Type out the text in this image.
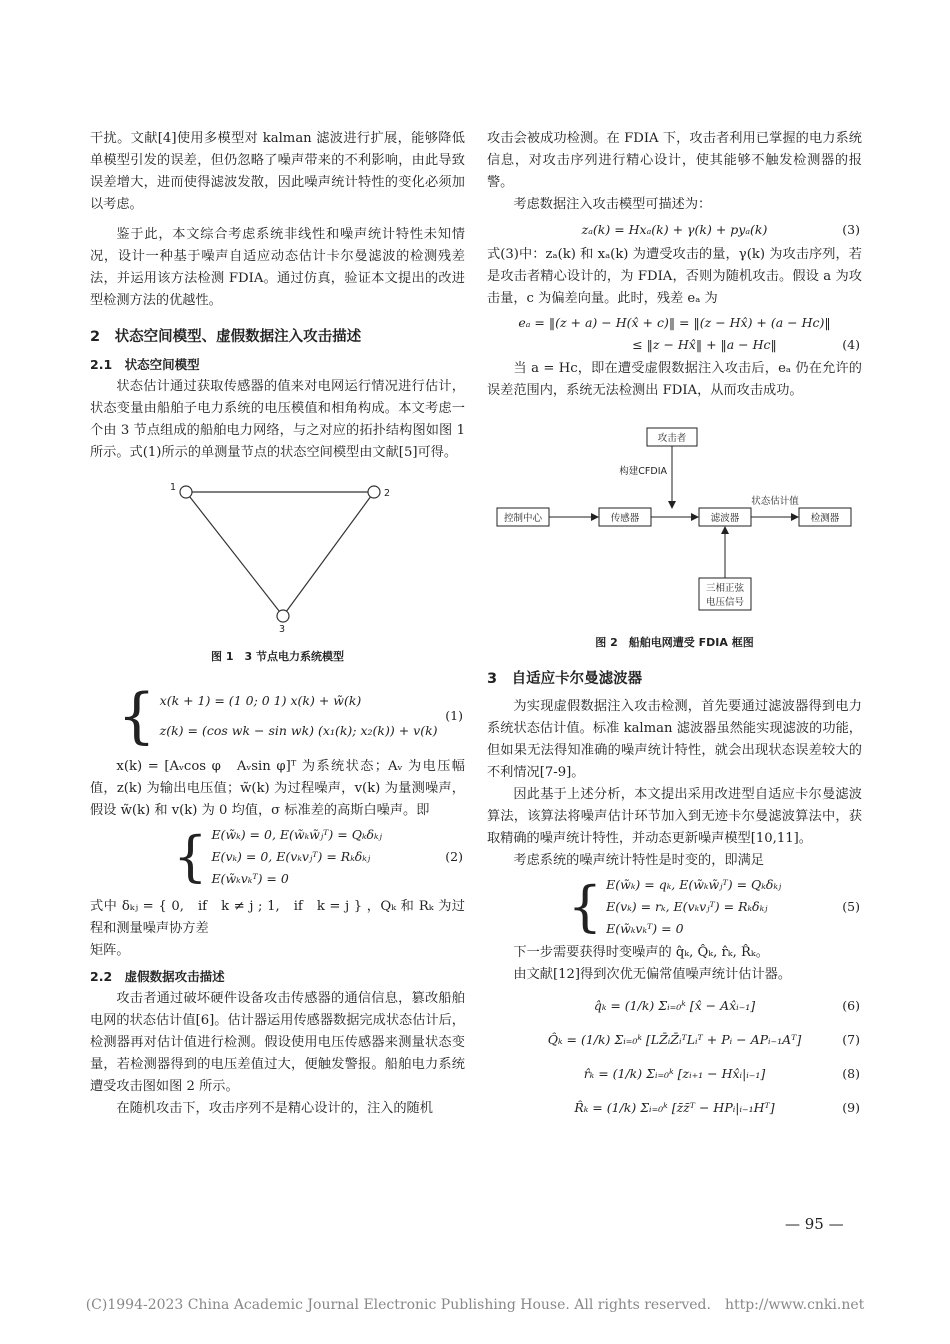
干扰。文献[4]使用多模型对 kalman 滤波进行扩展，能够降低单模型引发的误差，但仍忽略了噪声带来的不利影响，由此导致误差增大，进而使得滤波发散，因此噪声统计特性的变化必须加以考虑。

鉴于此，本文综合考虑系统非线性和噪声统计特性未知情况，设计一种基于噪声自适应动态估计卡尔曼滤波的检测残差法，并运用该方法检测 FDIA。通过仿真，验证本文提出的改进型检测方法的优越性。

2　状态空间模型、虚假数据注入攻击描述
2.1　状态空间模型

状态估计通过获取传感器的值来对电网运行情况进行估计，状态变量由船舶子电力系统的电压模值和相角构成。本文考虑一个由 3 节点组成的船舶电力网络，与之对应的拓扑结构图如图 1 所示。式(1)所示的单测量节点的状态空间模型由文献[5]可得。

1
2
3
图 1　3 节点电力系统模型
{ x(k + 1) = (1 0; 0 1) x(k) + w̃(k)
z(k) = (cos wk − sin wk) (x₁(k); x₂(k)) + v(k)
(1)

x(k) = [Aᵥcos φ　Aᵥsin φ]ᵀ 为系统状态；Aᵥ 为电压幅值，z(k) 为输出电压值；w̃(k) 为过程噪声，v(k) 为量测噪声，假设 w̃(k) 和 v(k) 为 0 均值，σ 标准差的高斯白噪声。即

{ E(w̃ₖ) = 0, E(w̃ₖw̃ⱼᵀ) = Qₖδₖⱼ
E(vₖ) = 0, E(vₖvⱼᵀ) = Rₖδₖⱼ
E(w̃ₖvₖᵀ) = 0
(2)

式中 δₖⱼ = { 0,　if　k ≠ j ; 1,　if　k = j } ，Qₖ 和 Rₖ 为过程和测量噪声协方差

矩阵。

2.2　虚假数据攻击描述

攻击者通过破坏硬件设备攻击传感器的通信信息，篡改船舶电网的状态估计值[6]。估计器运用传感器数据完成状态估计后，检测器再对估计值进行检测。假设使用电压传感器来测量状态变量，若检测器得到的电压差值过大，便触发警报。船舶电力系统遭受攻击图如图 2 所示。

在随机攻击下，攻击序列不是精心设计的，注入的随机

攻击会被成功检测。在 FDIA 下，攻击者利用已掌握的电力系统信息，对攻击序列进行精心设计，使其能够不触发检测器的报警。

考虑数据注入攻击模型可描述为：

zₐ(k) = Hxₐ(k) + γ(k) + pyₐ(k)	(3)

式(3)中：zₐ(k) 和 xₐ(k) 为遭受攻击的量，γ(k) 为攻击序列，若是攻击者精心设计的，为 FDIA，否则为随机攻击。假设 a 为攻击量，c 为偏差向量。此时，残差 eₐ 为

eₐ = ‖(z + a) − H(x̂ + c)‖ = ‖(z − Hx̂) + (a − Hc)‖
≤ ‖z − Hx̂‖ + ‖a − Hc‖	(4)

当 a = Hc，即在遭受虚假数据注入攻击后，eₐ 仍在允许的误差范围内，系统无法检测出 FDIA，从而攻击成功。

攻击者
构建CFDIA
控制中心	传感器	滤波器	检测器
状态估计值
三相正弦
电压信号
图 2　船舶电网遭受 FDIA 框图
3　自适应卡尔曼滤波器

为实现虚假数据注入攻击检测，首先要通过滤波器得到电力系统状态估计值。标准 kalman 滤波器虽然能实现滤波的功能，但如果无法得知准确的噪声统计特性，就会出现状态误差较大的不利情况[7-9]。

因此基于上述分析，本文提出采用改进型自适应卡尔曼滤波算法，该算法将噪声估计环节加入到无迹卡尔曼滤波算法中，获取精确的噪声统计特性，并动态更新噪声模型[10,11]。

考虑系统的噪声统计特性是时变的，即满足

{ E(w̃ₖ) = qₖ, E(w̃ₖw̃ⱼᵀ) = Qₖδₖⱼ
E(vₖ) = rₖ, E(vₖvⱼᵀ) = Rₖδₖⱼ
E(w̃ₖvₖᵀ) = 0
(5)

下一步需要获得时变噪声的 q̂ₖ, Q̂ₖ, r̂ₖ, R̂ₖ。

由文献[12]得到次优无偏常值噪声统计估计器。

q̂ₖ = (1/k) Σᵢ₌₀ᵏ [x̂ − Ax̂ᵢ₋₁]	(6)
Q̂ₖ = (1/k) Σᵢ₌₀ᵏ [LZ̄ᵢZ̄ᵢᵀLᵢᵀ + Pᵢ − APᵢ₋₁Aᵀ]	(7)
r̂ₖ = (1/k) Σᵢ₌₀ᵏ [zᵢ₊₁ − Hx̂ᵢ|ᵢ₋₁]	(8)
R̂ₖ = (1/k) Σᵢ₌₀ᵏ [z̄z̄ᵀ − HPᵢ|ᵢ₋₁Hᵀ]	(9)
— 95 —
(C)1994-2023 China Academic Journal Electronic Publishing House. All rights reserved.　http://www.cnki.net
